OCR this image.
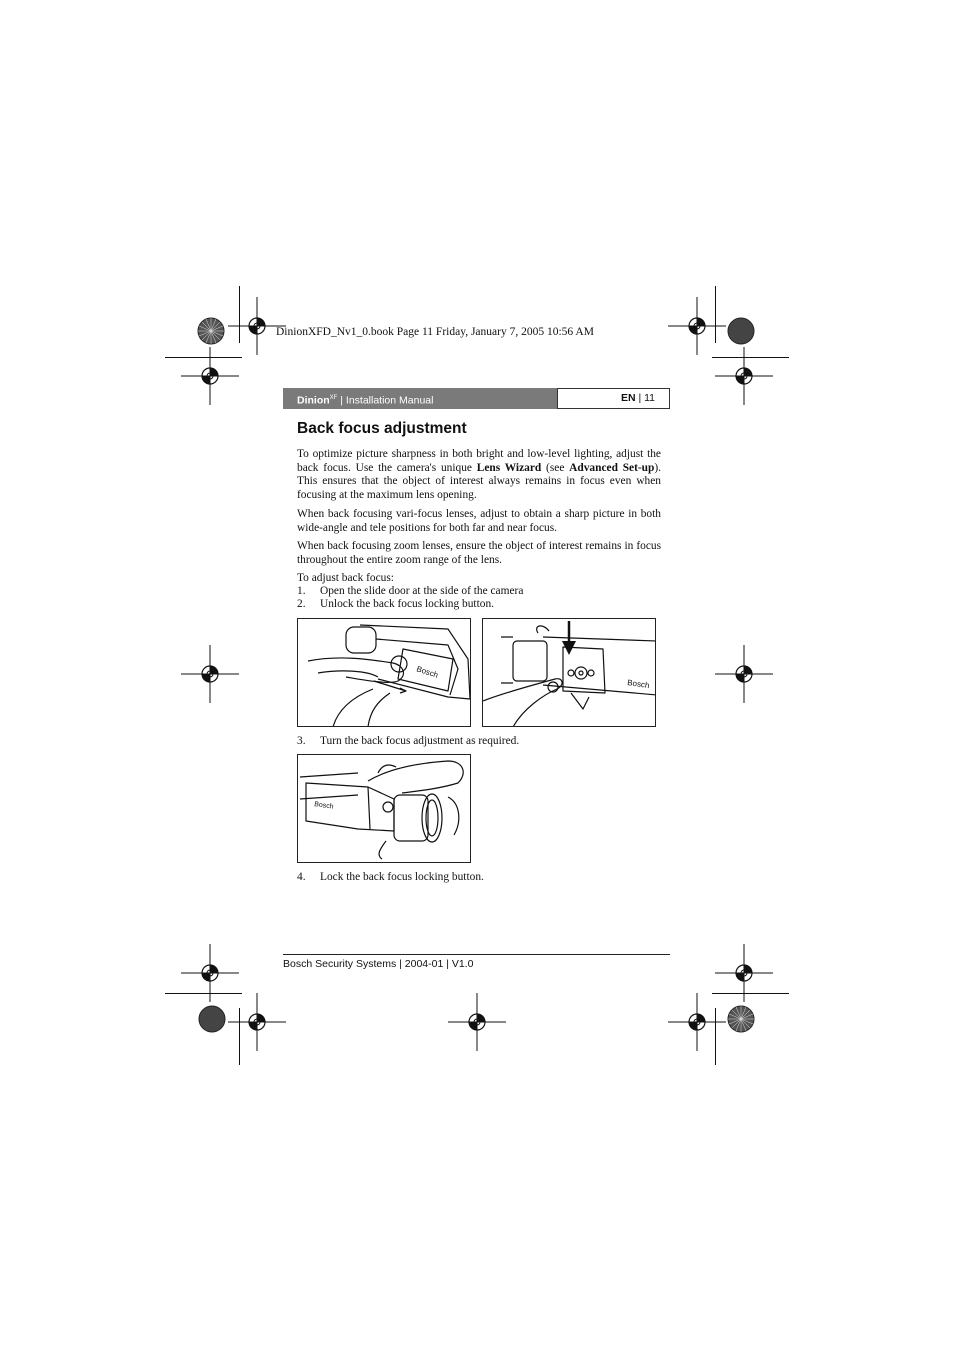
DinionXFD_Nv1_0.book Page 11 Friday, January 7, 2005 10:56 AM
Dinion$^{XF}$ | Installation Manual	EN | 11
Back focus adjustment
To optimize picture sharpness in both bright and low-level lighting, adjust the back focus. Use the camera's unique Lens Wizard (see Advanced Set-up). This ensures that the object of interest always remains in focus even when focusing at the maximum lens opening.
When back focusing vari-focus lenses, adjust to obtain a sharp picture in both wide-angle and tele positions for both far and near focus.
When back focusing zoom lenses, ensure the object of interest remains in focus throughout the entire zoom range of the lens.
To adjust back focus:
1. Open the slide door at the side of the camera
2. Unlock the back focus locking button.
Bosch
Bosch
3. Turn the back focus adjustment as required.
Bosch
4. Lock the back focus locking button.
Bosch Security Systems | 2004-01 | V1.0
